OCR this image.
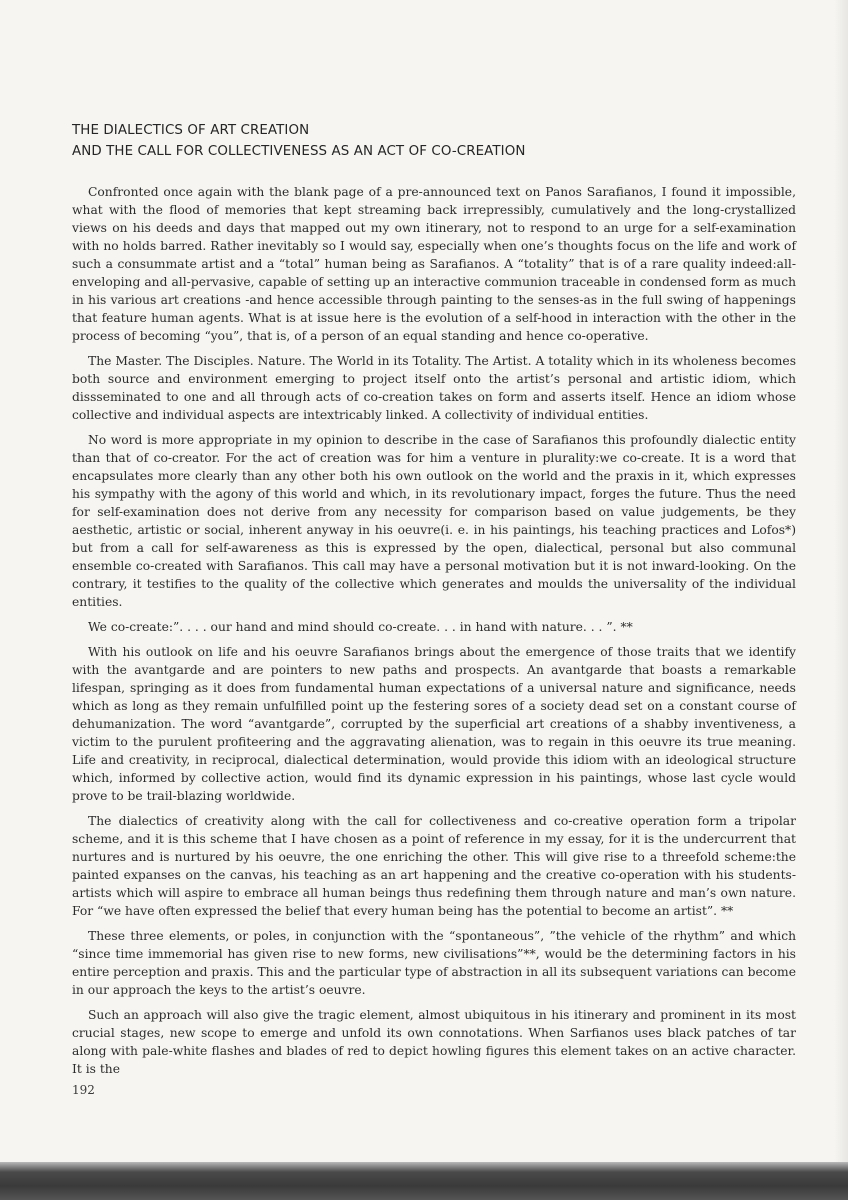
THE DIALECTICS OF ART CREATION
AND THE CALL FOR COLLECTIVENESS AS AN ACT OF CO-CREATION

Confronted once again with the blank page of a pre-announced text on Panos Sarafianos, I found it impossible, what with the flood of memories that kept streaming back irrepressibly, cumulatively and the long-crystallized views on his deeds and days that mapped out my own itinerary, not to respond to an urge for a self-examination with no holds barred. Rather inevitably so I would say, especially when one’s thoughts focus on the life and work of such a consummate artist and a “total” human being as Sarafianos. A “totality” that is of a rare quality indeed:all-enveloping and all-pervasive, capable of setting up an interactive communion traceable in condensed form as much in his various art creations -and hence accessible through painting to the senses-as in the full swing of happenings that feature human agents. What is at issue here is the evolution of a self-hood in interaction with the other in the process of becoming “you”, that is, of a person of an equal standing and hence co-operative.

The Master. The Disciples. Nature. The World in its Totality. The Artist. A totality which in its wholeness becomes both source and environment emerging to project itself onto the artist’s personal and artistic idiom, which dissseminated to one and all through acts of co-creation takes on form and asserts itself. Hence an idiom whose collective and individual aspects are intextricably linked. A collectivity of individual entities.

No word is more appropriate in my opinion to describe in the case of Sarafianos this profoundly dialectic entity than that of co-creator. For the act of creation was for him a venture in plurality:we co-create. It is a word that encapsulates more clearly than any other both his own outlook on the world and the praxis in it, which expresses his sympathy with the agony of this world and which, in its revolutionary impact, forges the future. Thus the need for self-examination does not derive from any necessity for comparison based on value judgements, be they aesthetic, artistic or social, inherent anyway in his oeuvre(i. e. in his paintings, his teaching practices and Lofos*) but from a call for self-awareness as this is expressed by the open, dialectical, personal but also communal ensemble co-created with Sarafianos. This call may have a personal motivation but it is not inward-looking. On the contrary, it testifies to the quality of the collective which generates and moulds the universality of the individual entities.

We co-create:”. . . . our hand and mind should co-create. . . in hand with nature. . . ”. **

With his outlook on life and his oeuvre Sarafianos brings about the emergence of those traits that we identify with the avantgarde and are pointers to new paths and prospects. An avantgarde that boasts a remarkable lifespan, springing as it does from fundamental human expectations of a universal nature and significance, needs which as long as they remain unfulfilled point up the festering sores of a society dead set on a constant course of dehumanization. The word “avantgarde”, corrupted by the superficial art creations of a shabby inventiveness, a victim to the purulent profiteering and the aggravating alienation, was to regain in this oeuvre its true meaning. Life and creativity, in reciprocal, dialectical determination, would provide this idiom with an ideological structure which, informed by collective action, would find its dynamic expression in his paintings, whose last cycle would prove to be trail-blazing worldwide.

The dialectics of creativity along with the call for collectiveness and co-creative operation form a tripolar scheme, and it is this scheme that I have chosen as a point of reference in my essay, for it is the undercurrent that nurtures and is nurtured by his oeuvre, the one enriching the other. This will give rise to a threefold scheme:the painted expanses on the canvas, his teaching as an art happening and the creative co-operation with his students-artists which will aspire to embrace all human beings thus redefining them through nature and man’s own nature. For “we have often expressed the belief that every human being has the potential to become an artist”. **

These three elements, or poles, in conjunction with the “spontaneous”, ”the vehicle of the rhythm” and which “since time immemorial has given rise to new forms, new civilisations”**, would be the determining factors in his entire perception and praxis. This and the particular type of abstraction in all its subsequent variations can become in our approach the keys to the artist’s oeuvre.

Such an approach will also give the tragic element, almost ubiquitous in his itinerary and prominent in its most crucial stages, new scope to emerge and unfold its own connotations. When Sarfianos uses black patches of tar along with pale-white flashes and blades of red to depict howling figures this element takes on an active character. It is the

192
